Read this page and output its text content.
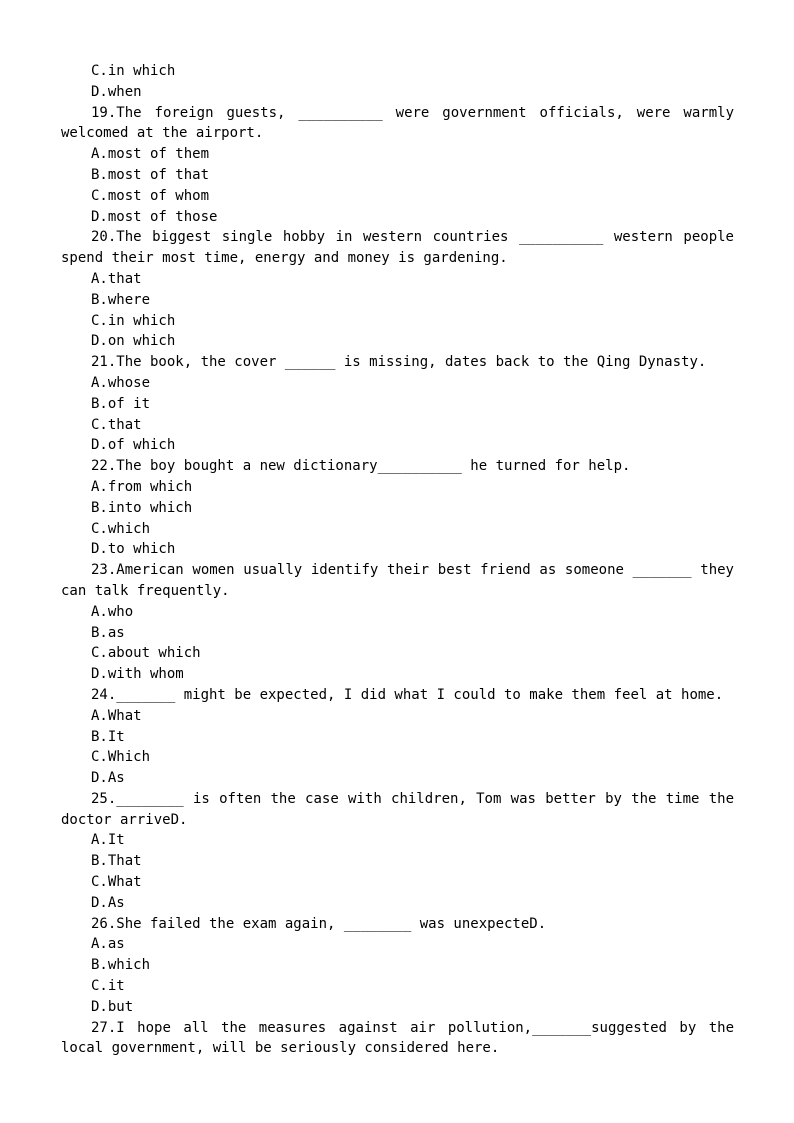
C.in which
D.when
19.The foreign guests, __________ were government officials, were warmly welcomed at the airport.
A.most of them
B.most of that
C.most of whom
D.most of those
20.The biggest single hobby in western countries __________ western people spend their most time, energy and money is gardening.
A.that
B.where
C.in which
D.on which
21.The book, the cover ______ is missing, dates back to the Qing Dynasty.
A.whose
B.of it
C.that
D.of which
22.The boy bought a new dictionary__________ he turned for help.
A.from which
B.into which
C.which
D.to which
23.American women usually identify their best friend as someone _______ they can talk frequently.
A.who
B.as
C.about which
D.with whom
24._______ might be expected, I did what I could to make them feel at home.
A.What
B.It
C.Which
D.As
25.________ is often the case with children, Tom was better by the time the doctor arriveD.
A.It
B.That
C.What
D.As
26.She failed the exam again, ________ was unexpecteD.
A.as
B.which
C.it
D.but
27.I hope all the measures against air pollution,_______suggested by the local government, will be seriously considered here.
